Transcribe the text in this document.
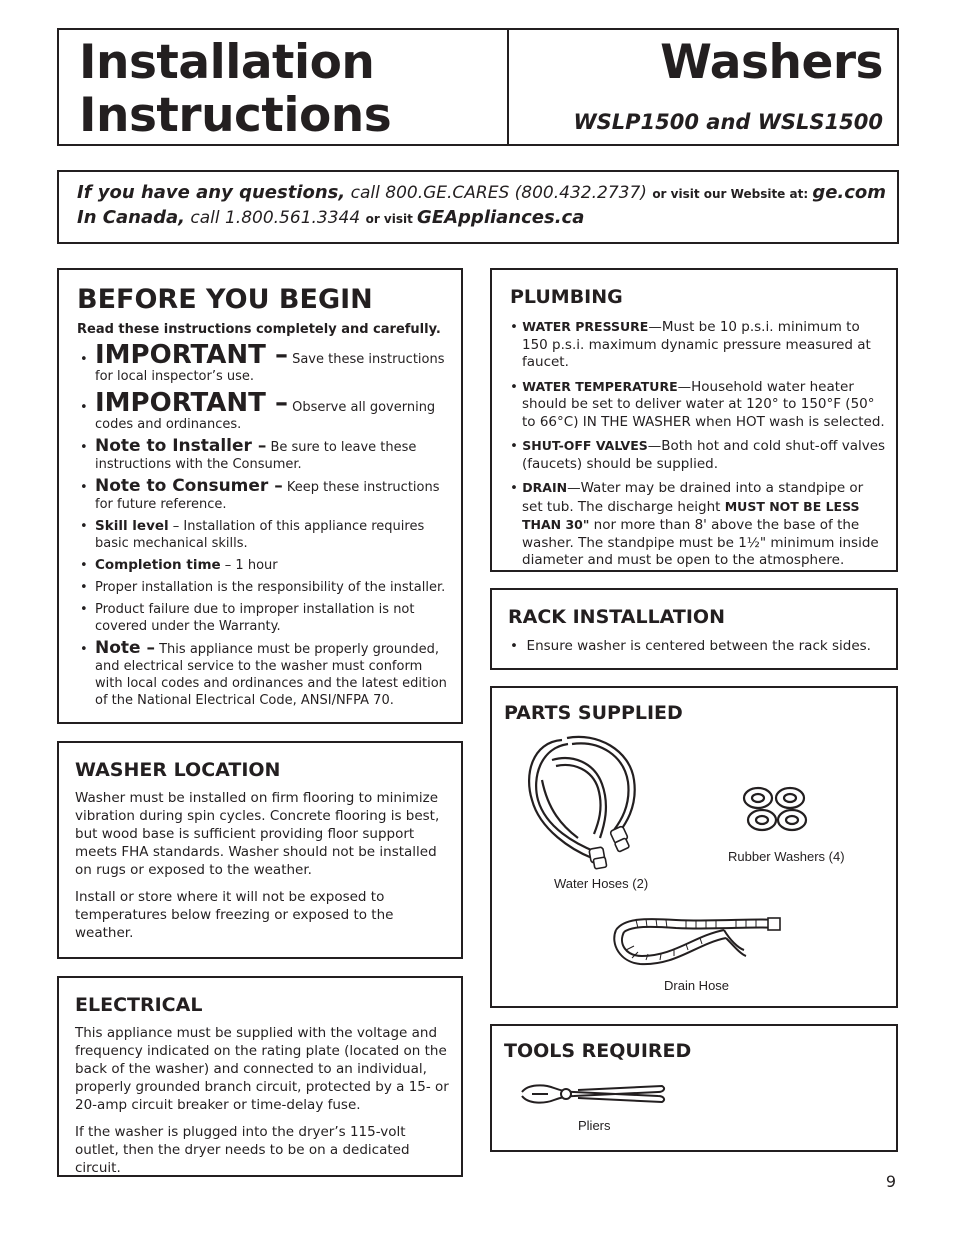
Installation
Instructions
Washers
WSLP1500 and WSLS1500
If you have any questions, call 800.GE.CARES (800.432.2737) or visit our Website at: ge.com
In Canada, call 1.800.561.3344 or visit GEAppliances.ca
BEFORE YOU BEGIN
Read these instructions completely and carefully.
• IMPORTANT – Save these instructions for local inspector’s use.
• IMPORTANT – Observe all governing codes and ordinances.
• Note to Installer – Be sure to leave these instructions with the Consumer.
• Note to Consumer – Keep these instructions for future reference.
• Skill level – Installation of this appliance requires basic mechanical skills.
• Completion time – 1 hour
• Proper installation is the responsibility of the installer.
• Product failure due to improper installation is not covered under the Warranty.
• Note – This appliance must be properly grounded, and electrical service to the washer must conform with local codes and ordinances and the latest edition of the National Electrical Code, ANSI/NFPA 70.
WASHER LOCATION

Washer must be installed on firm flooring to minimize vibration during spin cycles. Concrete flooring is best, but wood base is sufficient providing floor support meets FHA standards. Washer should not be installed on rugs or exposed to the weather.

Install or store where it will not be exposed to temperatures below freezing or exposed to the weather.

ELECTRICAL

This appliance must be supplied with the voltage and frequency indicated on the rating plate (located on the back of the washer) and connected to an individual, properly grounded branch circuit, protected by a 15- or 20-amp circuit breaker or time-delay fuse.

If the washer is plugged into the dryer’s 115-volt outlet, then the dryer needs to be on a dedicated circuit.

PLUMBING
• WATER PRESSURE—Must be 10 p.s.i. minimum to 150 p.s.i. maximum dynamic pressure measured at faucet.
• WATER TEMPERATURE—Household water heater should be set to deliver water at 120° to 150°F (50° to 66°C) IN THE WASHER when HOT wash is selected.
• SHUT-OFF VALVES—Both hot and cold shut-off valves (faucets) should be supplied.
• DRAIN—Water may be drained into a standpipe or set tub. The discharge height MUST NOT BE LESS THAN 30" nor more than 8' above the base of the washer. The standpipe must be 1½" minimum inside diameter and must be open to the atmosphere.
RACK INSTALLATION
•  Ensure washer is centered between the rack sides.
PARTS SUPPLIED
Water Hoses (2)
Rubber Washers (4)
Drain Hose
TOOLS REQUIRED
Pliers
9
